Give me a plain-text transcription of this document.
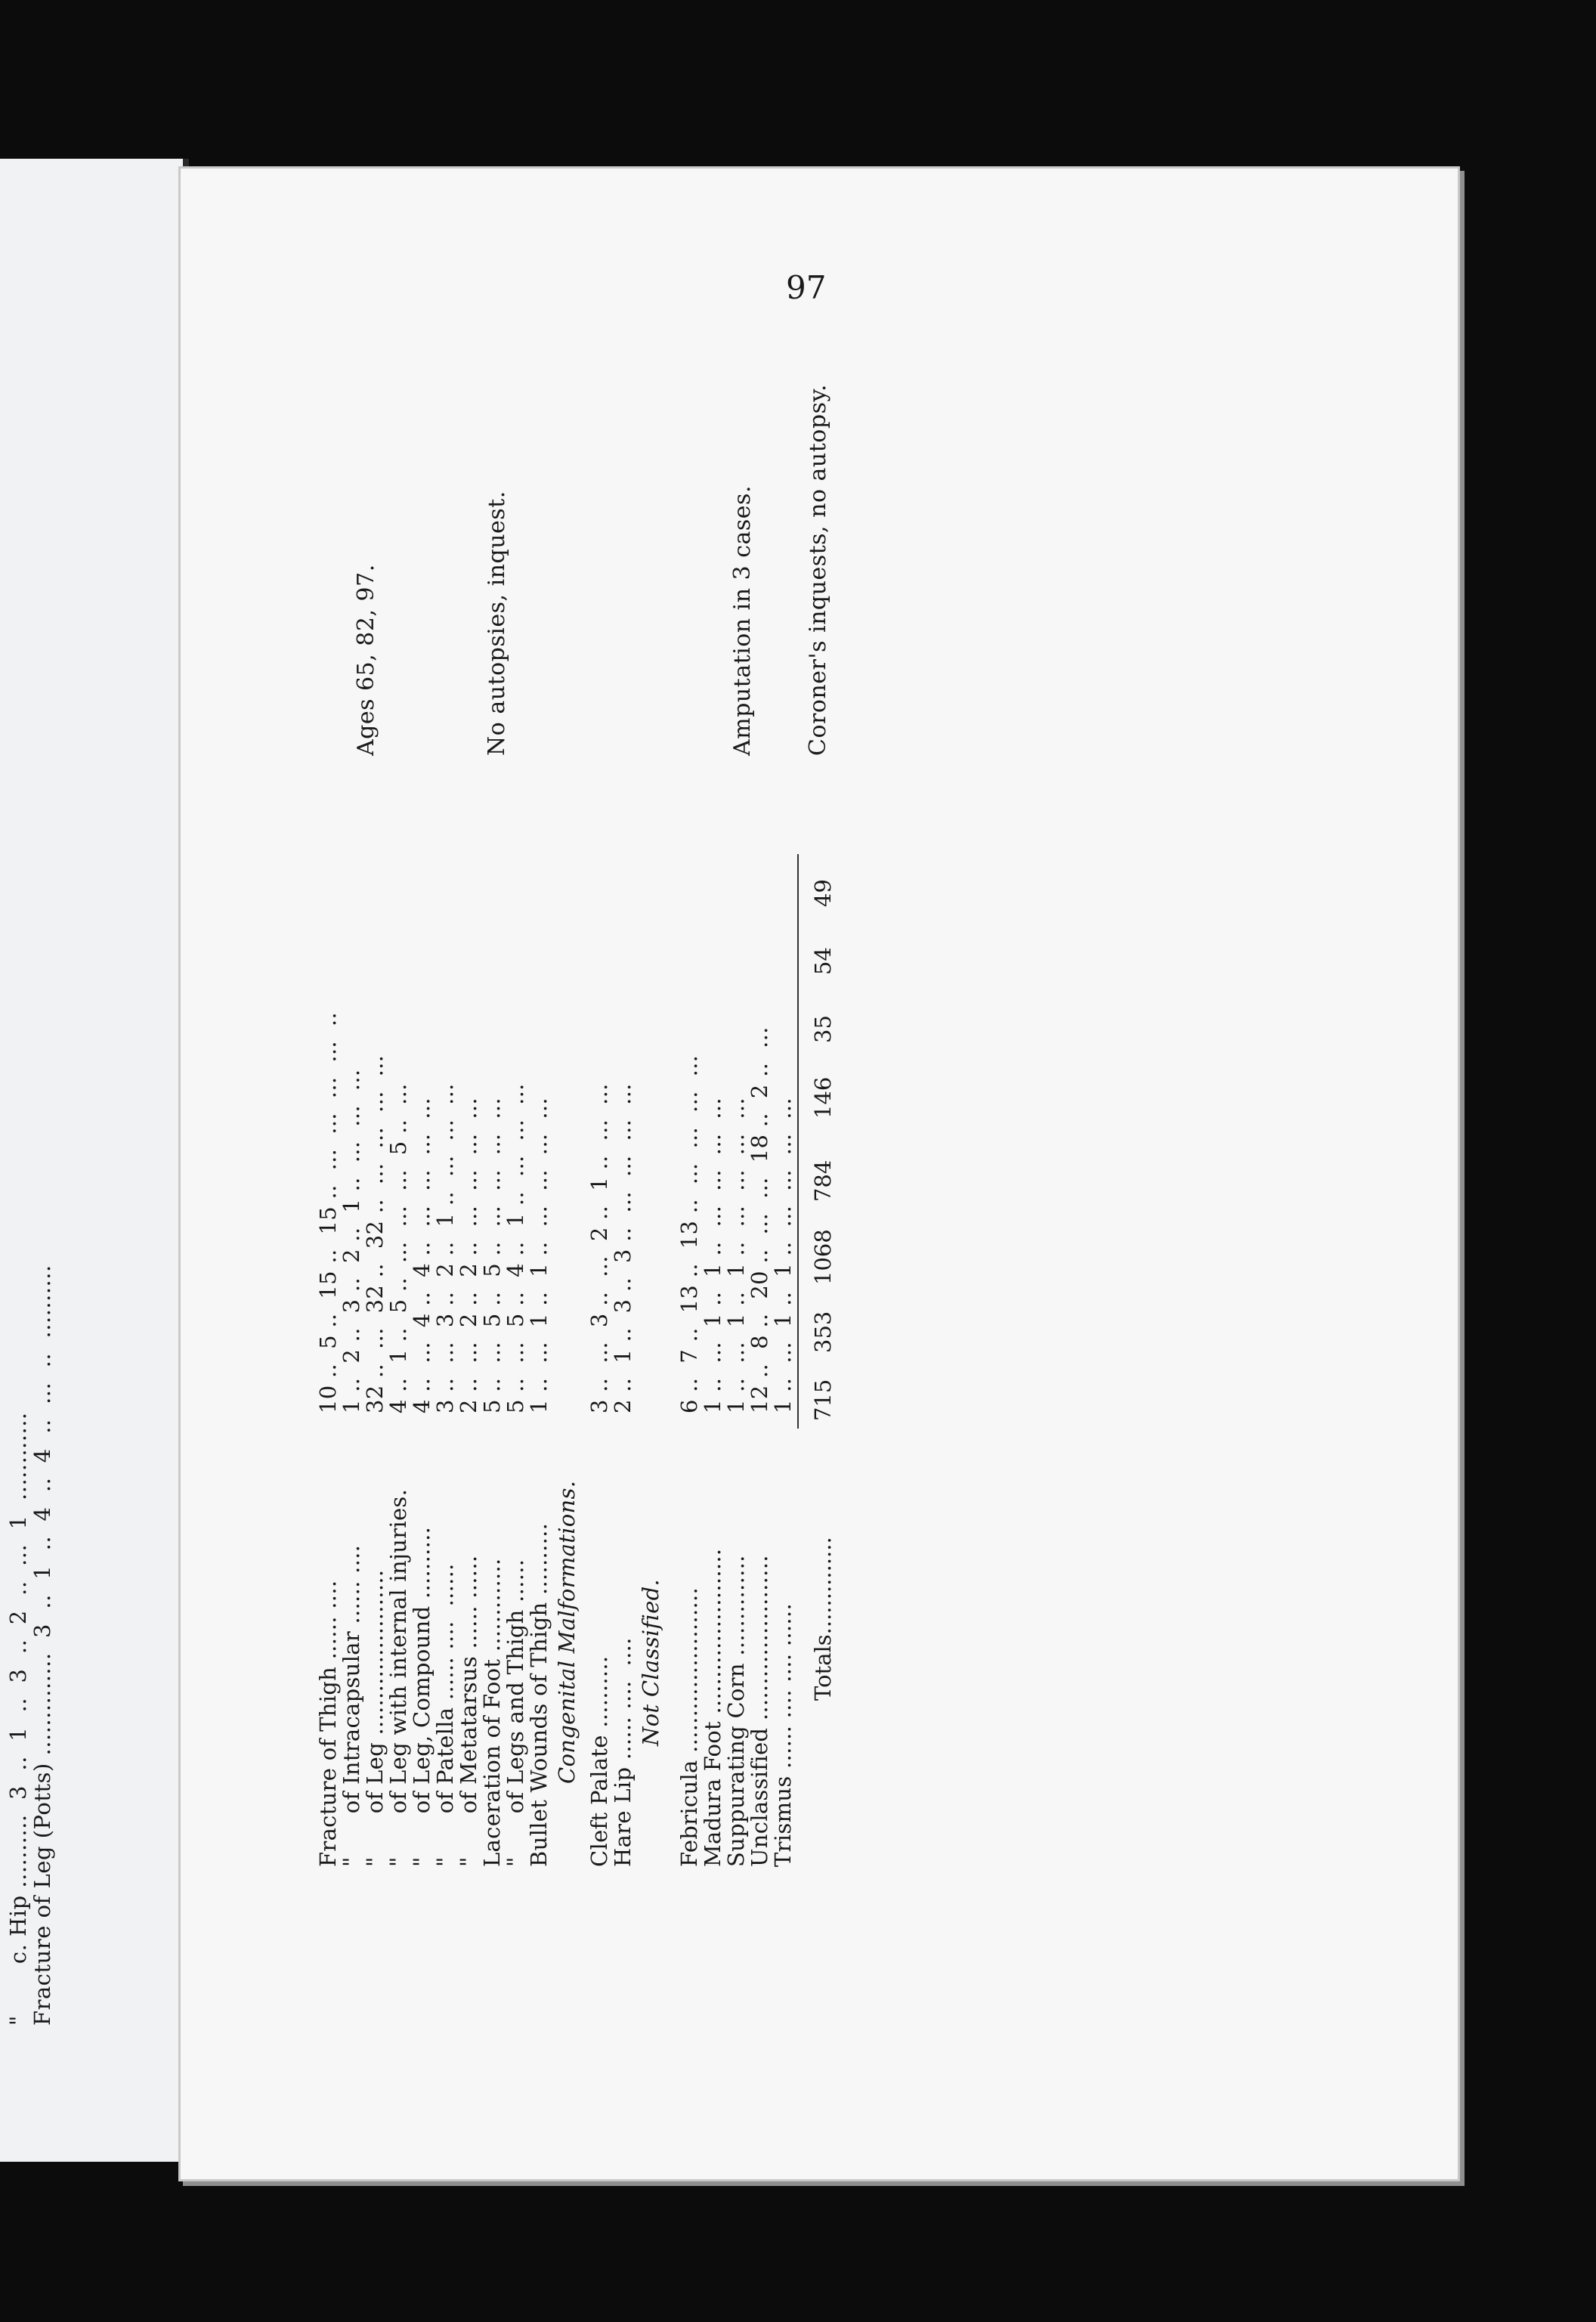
"       c. Hip ..........  3  ..  1  ..  3  ..  2  ..  ...  1  ............
Fracture of Leg (Potts) ..............  3  ..  1  ..  4  ..  4  ..  ...  ..  ..........
97
Fracture of Thigh ...... ....
10 ..  5 ..  15 ..  15 ..  ...  ...  ...  ...  ..
Ages 65, 82, 97.
"      of Intracapsular ...... ....
1 ..  2 ..  3 ..  2 ..  1 ..  ...  ...  ...
"      of Leg .......................
32 ..  ...  32 ..  32 ..  ...  ...  ...  ...
"      of Leg with internal injuries.
4 ..  1 ..  5 ..  ...  ...  ...  5 ..  ...
No autopsies, inquest.
"      of Leg, Compound ..........
4 ..  ...  4 ..  4 ..  ...  ...  ...  ...
"      of Patella ...... ....  ......
3 ..  ...  3 ..  2 ..  1 ..  ...  ...  ...
"      of Metatarsus ...... ......
2 ..  ...  2 ..  2 ..  ...  ...  ...  ...
Laceration of Foot .............
5 ..  ...  5 ..  5 ..  ...  ...  ...  ...
"      of Legs and Thigh ......
5 ..  ...  5 ..  4 ..  1 ..  ...  ...  ...
Amputation in 3 cases.
Bullet Wounds of Thigh ..........
1 ..  ...  1 ..  1 ..  ...  ...  ...  ...
Congenital Malformations. Cleft Palate ..........
3 ..  ...  3 ..  ...  2 ..  1 ..  ...  ...
Hare Lip ...... ....  ....
2 ..  1 ..  3 ..  3 ..  ...  ...  ...  ...
Not Classified. Febricula .......................
6 ..  7 ..  13 ..  13 ..  ...  ...  ...  ...
Madura Foot .......................
1 ..  ...  1 ..  1 ..  ...  ...  ...  ...
Suppurating Corn ..............
1 ..  ...  1 ..  1 ..  ...  ...  ...  ...
Unclassified .......................
12 ..  8 ..  20 ..  ...  ...  18 ..  2 ..  ...
Coroner's inquests, no autopsy.
Trismus ...... .... .... ......
1 ..  ...  1 ..  1 ..  ...  ...  ...  ...
Totals..............
715
353
1068
784
146
35
54
49
